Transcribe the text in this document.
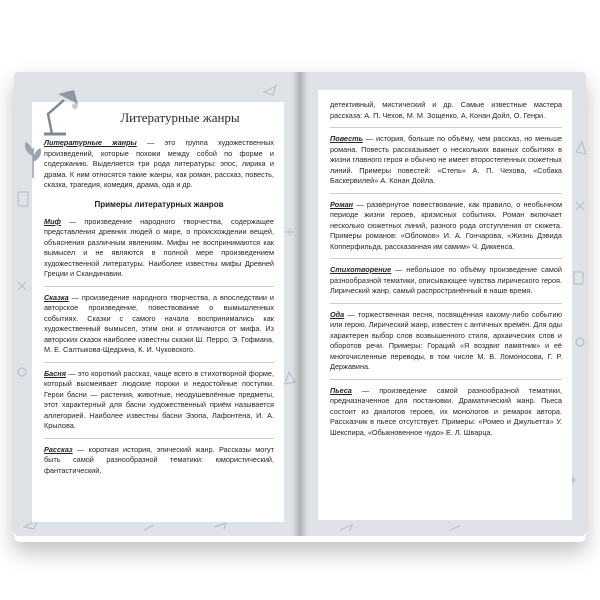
Литературные жанры

Литературные жанры — это группа художественных произведений, которые похожи между собой по форме и содержанию. Выделяется три рода литературы: эпос, лирика и драма. К ним относятся такие жанры, как роман, рассказ, повесть, сказка, трагедия, комедия, драма, ода и др.

Примеры литературных жанров

Миф — произведение народного творчества, содержащее представления древних людей о мире, о происхождении вещей, объяснения различным явлениям. Мифы не воспринимаются как вымысел и не являются в полной мере произведением художественной литературы. Наиболее известны мифы Древней Греции и Скандинавии.

Сказка — произведение народного творчества, а впоследствии и авторское произведение, повествование о вымышленных событиях. Сказки с самого начала воспринимались как художественный вымысел, этим они и отличаются от мифа. Из авторских сказок наиболее известны сказки Ш. Перро, Э. Гофмана, М. Е. Салтыкова-Щедрина, К. И. Чуковского.

Басня — это короткий рассказ, чаще всего в стихотворной форме, который высмеивает людские пороки и недостойные поступки. Герои басни — растения, животные, неодушевлённые предметы, этот характерный для басни художественный приём называется аллегорией. Наиболее известны басни Эзопа, Лафонтена, И. А. Крылова.

Рассказ — короткая история, эпический жанр. Рассказы могут быть самой разнообразной тематики: юмористический, фантастический,

детективный, мистический и др. Самые известные мастера рассказа: А. П. Чехов, М. М. Зощенко, А. Конан Дойл, О. Генри.

Повесть — история, больше по объёму, чем рассказ, но меньше романа. Повесть рассказывает о нескольких важных событиях в жизни главного героя и обычно не имеет второстепенных сюжетных линий. Примеры повестей: «Степь» А. П. Чехова, «Собака Баскервилей» А. Конан Дойла.

Роман — развёрнутое повествование, как правило, о необычном периоде жизни героев, кризисных событиях. Роман включает несколько сюжетных линий, разного рода отступления от сюжета. Примеры романов: «Обломов» И. А. Гончарова, «Жизнь Дэвида Копперфильда, рассказанная им самим» Ч. Диккенса.

Стихотворение — небольшое по объёму произведение самой разнообразной тематики, описывающее чувства лирического героя. Лирический жанр, самый распространённый в наше время.

Ода — торжественная песня, посвящённая какому-либо событию или герою. Лирический жанр, известен с античных времён. Для оды характерен выбор слов возвышенного стиля, архаических слов и оборотов речи. Примеры: Гораций «Я воздвиг памятник» и её многочисленные переводы, в том числе М. В. Ломоносова, Г. Р. Державина.

Пьеса — произведение самой разнообразной тематики, предназначенное для постановки. Драматический жанр. Пьеса состоит из диалогов героев, их монологов и ремарок автора. Рассказчик в пьесе отсутствует. Примеры: «Ромео и Джульетта» У. Шекспира, «Обыкновенное чудо» Е. Л. Шварца.
